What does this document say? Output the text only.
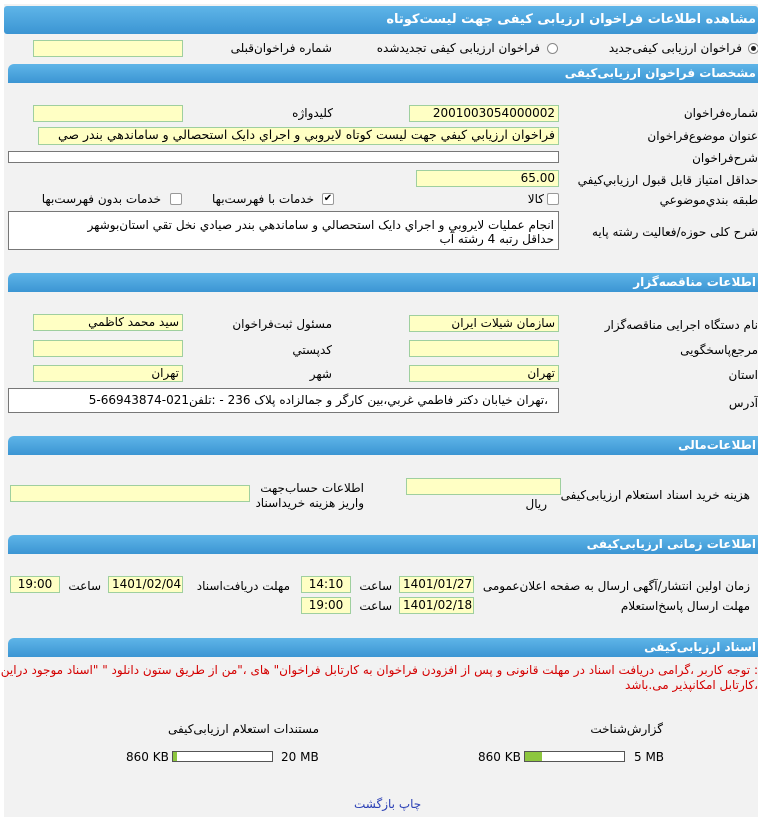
مشاهده اطلاعات فراخوان ارزیابی کیفی جهت لیست‌کوتاه
فراخوان ارزیابی کیفی‌جدید
فراخوان ارزیابی کیفی تجدیدشده
شماره فراخوان‌قبلی
مشخصات فراخوان ارزیابی‌کیفی
شماره‌فراخوان
2001003054000002
کلیدواژه
عنوان موضوع‌فراخوان
فراخوان ارزيابي کيفي جهت ليست کوتاه لايروبي و اجراي دايک استحصالي و ساماندهي بندر صي
شرح‌فراخوان
حداقل امتياز قابل قبول ارزيابي‌کيفي
65.00
طبقه بندي‌موضوعي
کالا
✔
خدمات با فهرست‌بها
خدمات بدون فهرست‌بها
شرح کلی حوزه/فعالیت رشته پایه
انجام عمليات لايروبي و اجراي دايک استحصالي و ساماندهي بندر صيادي نخل تقي استان‌بوشهر
حداقل رتبه 4 رشته آب
اطلاعات مناقصه‌گزار
نام دستگاه اجرایی مناقصه‌گزار
سازمان شيلات ايران
مسئول ثبت‌فراخوان
سيد محمد کاظمي
مرجع‌پاسخگویی
کدپستي
استان
تهران
شهر
تهران
آدرس
،تهران خيابان دکتر فاطمي غربي،بين کارگر و جمالزاده پلاک 236 - :تلفن021-66943874-5
اطلاعات‌مالی
هزینه خرید اسناد استعلام ارزیابی‌کیفی
ریال
اطلاعات حساب‌جهت
واریز هزینه خریداسناد
اطلاعات زمانی ارزیابی‌کیفی
زمان اولین انتشار/آگهی ارسال به صفحه اعلان‌عمومی
1401/01/27
ساعت
14:10
مهلت دریافت‌اسناد
1401/02/04
ساعت
19:00
مهلت ارسال پاسخ‌استعلام
1401/02/18
ساعت
19:00
اسناد ارزیابی‌کیفی
: توجه کاربر ،گرامی دریافت اسناد در مهلت قانونی و پس از افزودن فراخوان به کارتابل فراخوان" های ،"من از طریق ستون دانلود " "اسناد موجود دراین
،کارتابل امکانپذیر می.باشد
گزارش‌شناخت
5 MB
860 KB
مستندات استعلام ارزیابی‌کیفی
20 MB
860 KB
چاپ بازگشت
